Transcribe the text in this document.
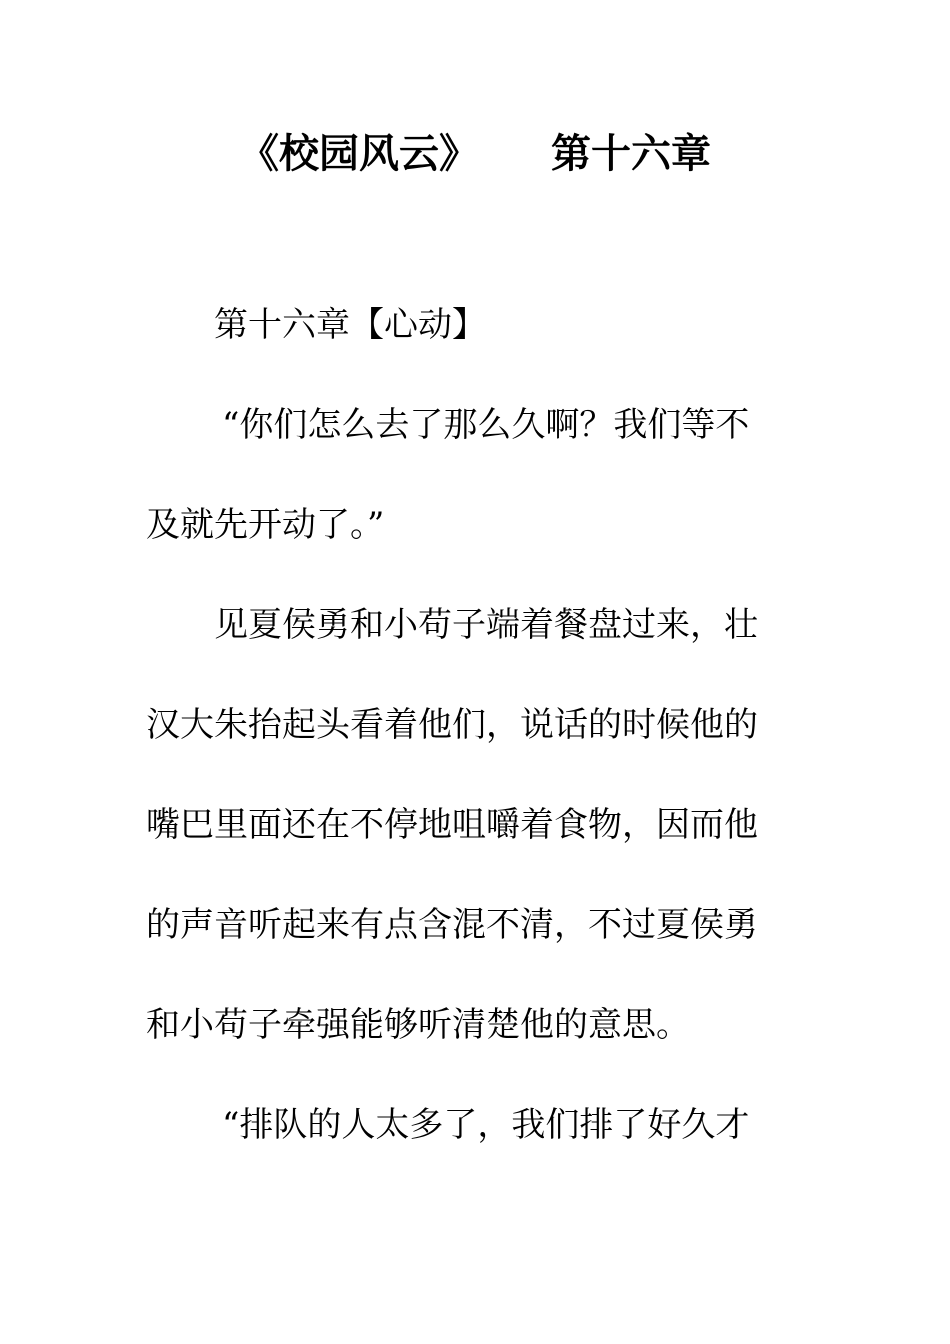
《校园风云》 第十六章
第十六章【心动】
“你们怎么去了那么久啊？我们等不
及就先开动了。”
见夏侯勇和小苟子端着餐盘过来，壮
汉大朱抬起头看着他们，说话的时候他的
嘴巴里面还在不停地咀嚼着食物，因而他
的声音听起来有点含混不清，不过夏侯勇
和小苟子牵强能够听清楚他的意思。
“排队的人太多了，我们排了好久才
